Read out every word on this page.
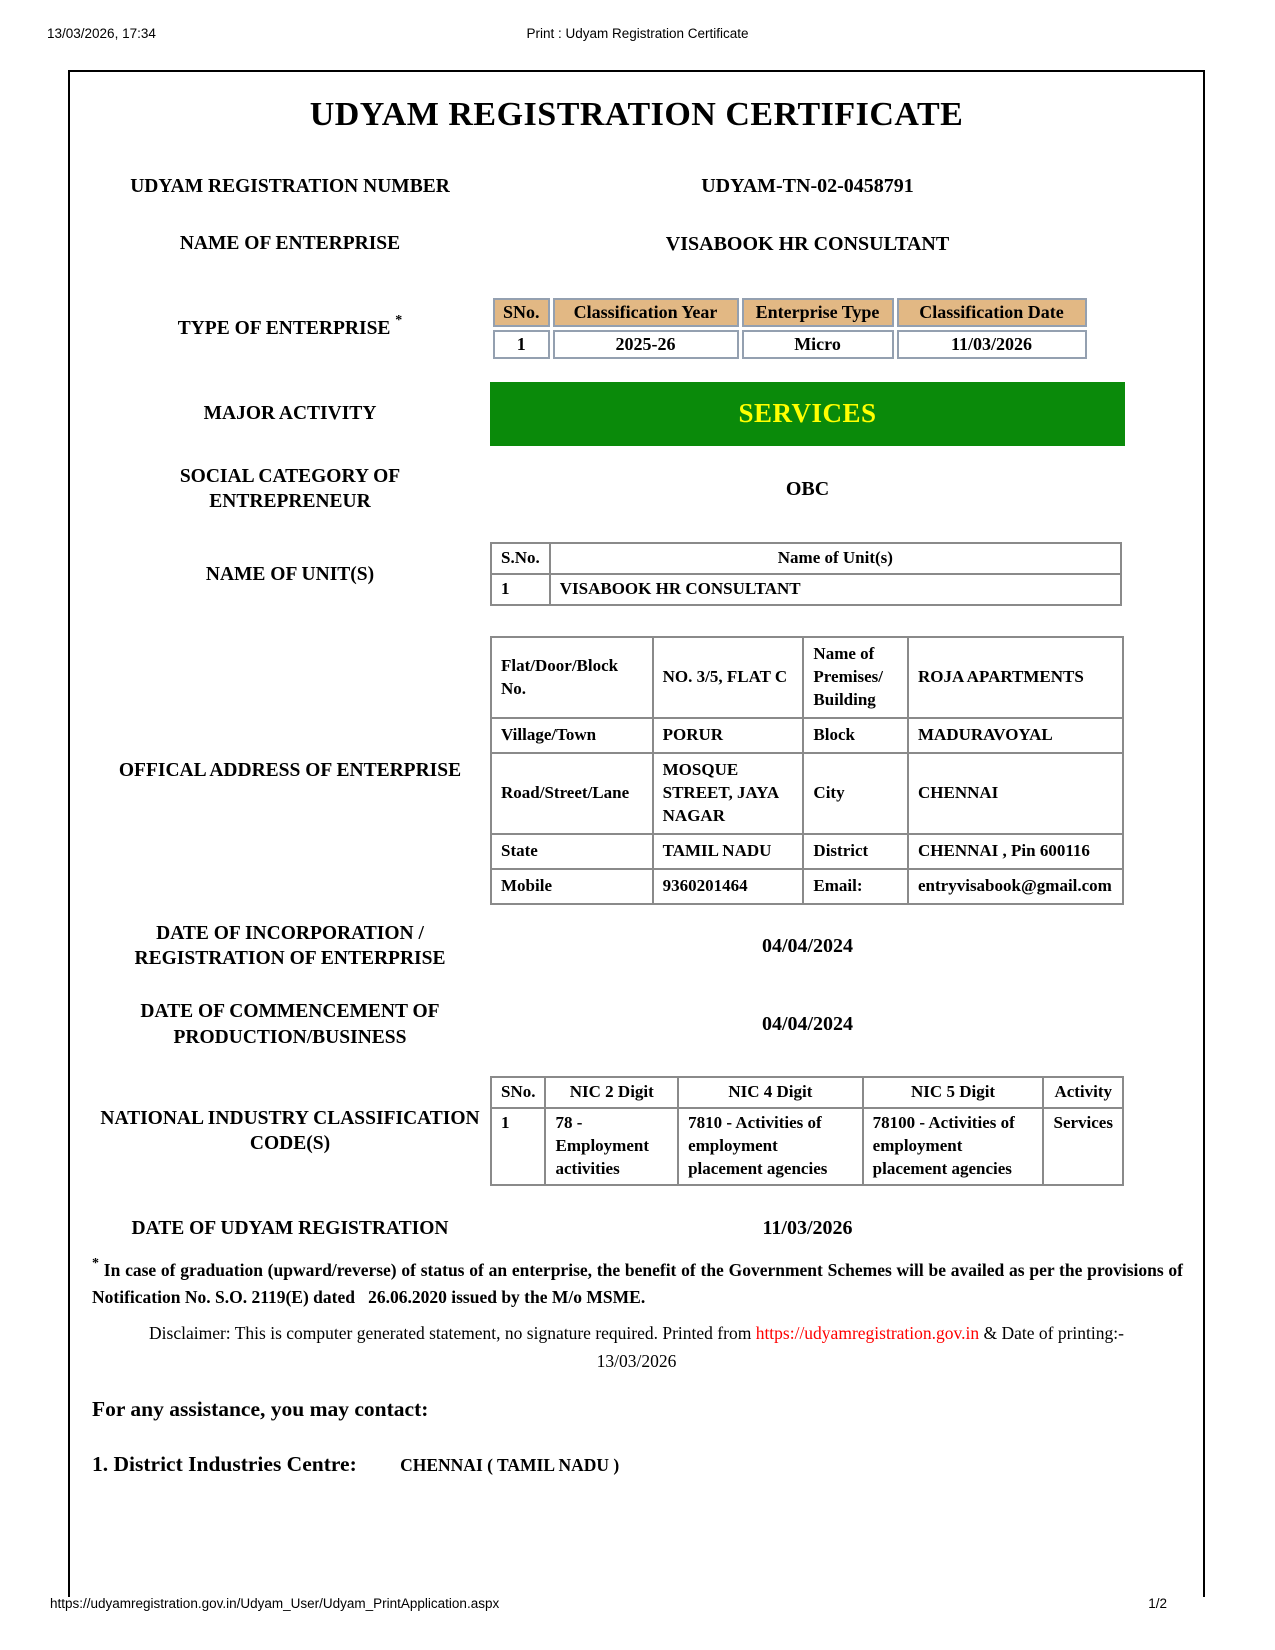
13/03/2026, 17:34	Print : Udyam Registration Certificate
UDYAM REGISTRATION CERTIFICATE
UDYAM REGISTRATION NUMBER	UDYAM-TN-02-0458791
NAME OF ENTERPRISE	VISABOOK HR CONSULTANT
TYPE OF ENTERPRISE *	SNo.	Classification Year	Enterprise Type	Classification Date
1	2025-26	Micro	11/03/2026
MAJOR ACTIVITY	SERVICES
SOCIAL CATEGORY OF ENTREPRENEUR
OBC
NAME OF UNIT(S)
S.No.	Name of Unit(s)
1	VISABOOK HR CONSULTANT
OFFICAL ADDRESS OF ENTERPRISE
Flat/Door/Block No.	NO. 3/5, FLAT C	Name of Premises/ Building	ROJA APARTMENTS
Village/Town	PORUR	Block	MADURAVOYAL
Road/Street/Lane	MOSQUE STREET, JAYA NAGAR	City	CHENNAI
State	TAMIL NADU	District	CHENNAI , Pin 600116
Mobile	9360201464	Email:	entryvisabook@gmail.com
DATE OF INCORPORATION / REGISTRATION OF ENTERPRISE
04/04/2024
DATE OF COMMENCEMENT OF PRODUCTION/BUSINESS
04/04/2024
NATIONAL INDUSTRY CLASSIFICATION CODE(S)
SNo.	NIC 2 Digit	NIC 4 Digit	NIC 5 Digit	Activity
1	78 - Employment activities	7810 - Activities of employment placement agencies	78100 - Activities of employment placement agencies	Services
DATE OF UDYAM REGISTRATION	11/03/2026
* In case of graduation (upward/reverse) of status of an enterprise, the benefit of the Government Schemes will be availed as per the provisions of Notification No. S.O. 2119(E) dated   26.06.2020 issued by the M/o MSME.
Disclaimer: This is computer generated statement, no signature required. Printed from https://udyamregistration.gov.in & Date of printing:-
13/03/2026
For any assistance, you may contact:
1. District Industries Centre: CHENNAI ( TAMIL NADU )
https://udyamregistration.gov.in/Udyam_User/Udyam_PrintApplication.aspx	1/2
